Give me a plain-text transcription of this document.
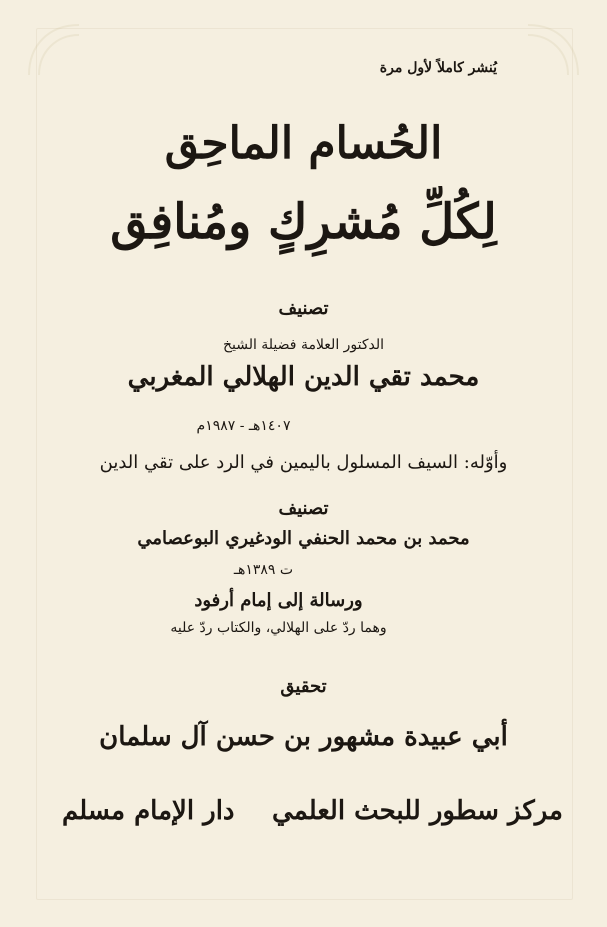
يُنشر كاملاً لأول مرة
الحُسام الماحِق
لِكُلِّ مُشرِكٍ ومُنافِق
تصنيف
الدكتور العلامة فضيلة الشيخ
محمد تقي الدين الهلالي المغربي
١٤٠٧هـ - ١٩٨٧م
وأوّله: السيف المسلول باليمين في الرد على تقي الدين
تصنيف
محمد بن محمد الحنفي الودغيري البوعصامي
ت ١٣٨٩هـ
ورسالة إلى إمام أرفود
وهما ردّ على الهلالي، والكتاب ردّ عليه
تحقيق
أبي عبيدة مشهور بن حسن آل سلمان
مركز سطور للبحث العلمي
دار الإمام مسلم
